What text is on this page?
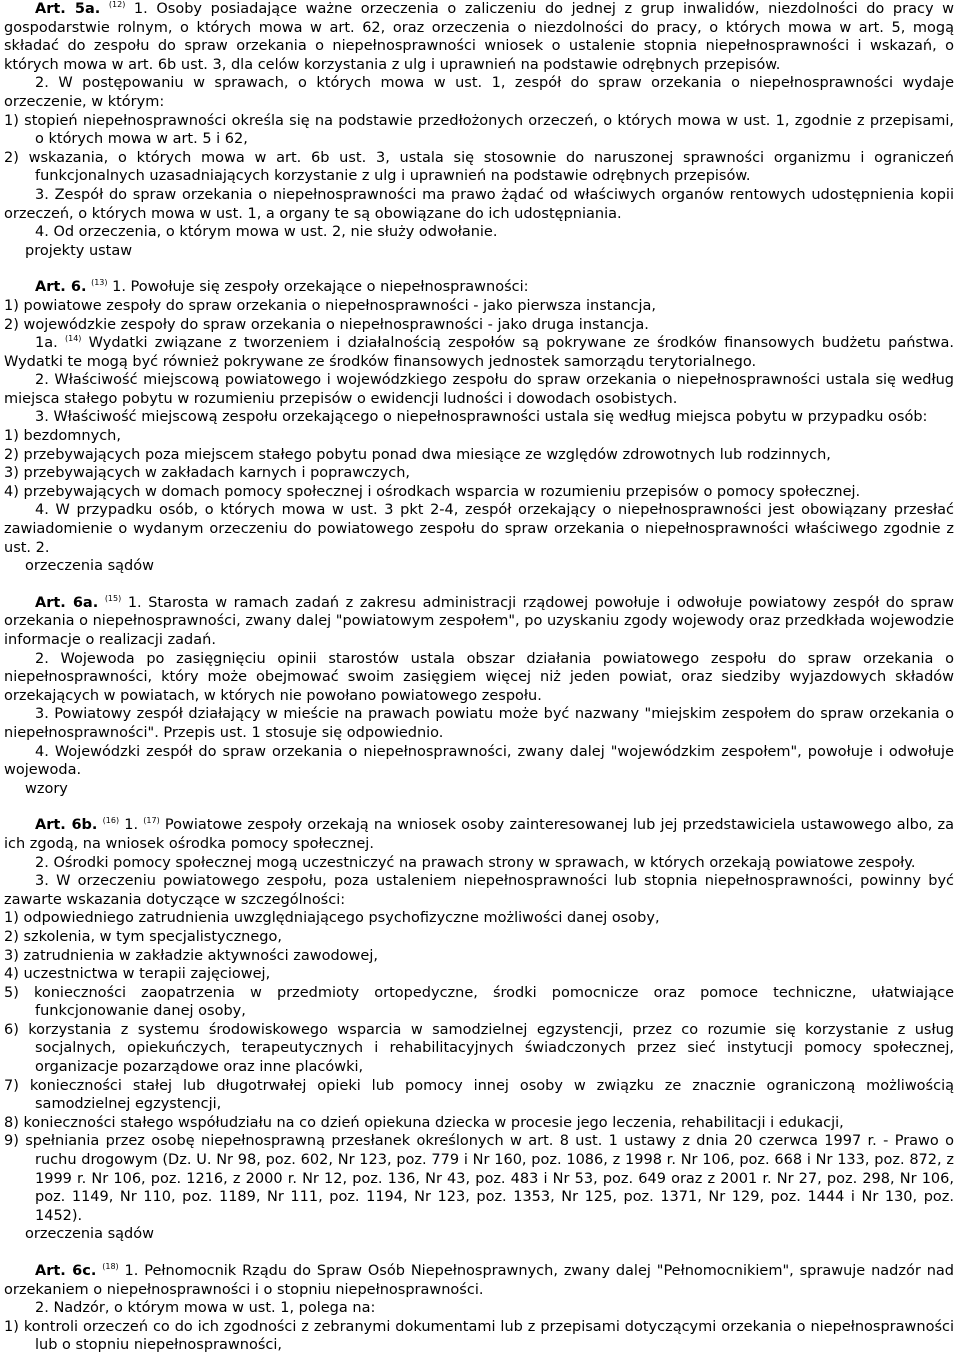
Art. 5a. $^{(12)}$ 1. Osoby posiadające ważne orzeczenia o zaliczeniu do jednej z grup inwalidów, niezdolności do pracy w gospodarstwie rolnym, o których mowa w art. 62, oraz orzeczenia o niezdolności do pracy, o których mowa w art. 5, mogą składać do zespołu do spraw orzekania o niepełnosprawności wniosek o ustalenie stopnia niepełnosprawności i wskazań, o których mowa w art. 6b ust. 3, dla celów korzystania z ulg i uprawnień na podstawie odrębnych przepisów.

2. W postępowaniu w sprawach, o których mowa w ust. 1, zespół do spraw orzekania o niepełnosprawności wydaje orzeczenie, w którym:

1) stopień niepełnosprawności określa się na podstawie przedłożonych orzeczeń, o których mowa w ust. 1, zgodnie z przepisami, o których mowa w art. 5 i 62,

2) wskazania, o których mowa w art. 6b ust. 3, ustala się stosownie do naruszonej sprawności organizmu i ograniczeń funkcjonalnych uzasadniających korzystanie z ulg i uprawnień na podstawie odrębnych przepisów.

3. Zespół do spraw orzekania o niepełnosprawności ma prawo żądać od właściwych organów rentowych udostępnienia kopii orzeczeń, o których mowa w ust. 1, a organy te są obowiązane do ich udostępniania.

4. Od orzeczenia, o którym mowa w ust. 2, nie służy odwołanie.

projekty ustaw

Art. 6. $^{(13)}$ 1. Powołuje się zespoły orzekające o niepełnosprawności:

1) powiatowe zespoły do spraw orzekania o niepełnosprawności - jako pierwsza instancja,

2) wojewódzkie zespoły do spraw orzekania o niepełnosprawności - jako druga instancja.

1a. $^{(14)}$ Wydatki związane z tworzeniem i działalnością zespołów są pokrywane ze środków finansowych budżetu państwa. Wydatki te mogą być również pokrywane ze środków finansowych jednostek samorządu terytorialnego.

2. Właściwość miejscową powiatowego i wojewódzkiego zespołu do spraw orzekania o niepełnosprawności ustala się według miejsca stałego pobytu w rozumieniu przepisów o ewidencji ludności i dowodach osobistych.

3. Właściwość miejscową zespołu orzekającego o niepełnosprawności ustala się według miejsca pobytu w przypadku osób:

1) bezdomnych,

2) przebywających poza miejscem stałego pobytu ponad dwa miesiące ze względów zdrowotnych lub rodzinnych,

3) przebywających w zakładach karnych i poprawczych,

4) przebywających w domach pomocy społecznej i ośrodkach wsparcia w rozumieniu przepisów o pomocy społecznej.

4. W przypadku osób, o których mowa w ust. 3 pkt 2-4, zespół orzekający o niepełnosprawności jest obowiązany przesłać zawiadomienie o wydanym orzeczeniu do powiatowego zespołu do spraw orzekania o niepełnosprawności właściwego zgodnie z ust. 2.

orzeczenia sądów

Art. 6a. $^{(15)}$ 1. Starosta w ramach zadań z zakresu administracji rządowej powołuje i odwołuje powiatowy zespół do spraw orzekania o niepełnosprawności, zwany dalej "powiatowym zespołem", po uzyskaniu zgody wojewody oraz przedkłada wojewodzie informacje o realizacji zadań.

2. Wojewoda po zasięgnięciu opinii starostów ustala obszar działania powiatowego zespołu do spraw orzekania o niepełnosprawności, który może obejmować swoim zasięgiem więcej niż jeden powiat, oraz siedziby wyjazdowych składów orzekających w powiatach, w których nie powołano powiatowego zespołu.

3. Powiatowy zespół działający w mieście na prawach powiatu może być nazwany "miejskim zespołem do spraw orzekania o niepełnosprawności". Przepis ust. 1 stosuje się odpowiednio.

4. Wojewódzki zespół do spraw orzekania o niepełnosprawności, zwany dalej "wojewódzkim zespołem", powołuje i odwołuje wojewoda.

wzory

Art. 6b. $^{(16)}$ 1. $^{(17)}$ Powiatowe zespoły orzekają na wniosek osoby zainteresowanej lub jej przedstawiciela ustawowego albo, za ich zgodą, na wniosek ośrodka pomocy społecznej.

2. Ośrodki pomocy społecznej mogą uczestniczyć na prawach strony w sprawach, w których orzekają powiatowe zespoły.

3. W orzeczeniu powiatowego zespołu, poza ustaleniem niepełnosprawności lub stopnia niepełnosprawności, powinny być zawarte wskazania dotyczące w szczególności:

1) odpowiedniego zatrudnienia uwzględniającego psychofizyczne możliwości danej osoby,

2) szkolenia, w tym specjalistycznego,

3) zatrudnienia w zakładzie aktywności zawodowej,

4) uczestnictwa w terapii zajęciowej,

5) konieczności zaopatrzenia w przedmioty ortopedyczne, środki pomocnicze oraz pomoce techniczne, ułatwiające funkcjonowanie danej osoby,

6) korzystania z systemu środowiskowego wsparcia w samodzielnej egzystencji, przez co rozumie się korzystanie z usług socjalnych, opiekuńczych, terapeutycznych i rehabilitacyjnych świadczonych przez sieć instytucji pomocy społecznej, organizacje pozarządowe oraz inne placówki,

7) konieczności stałej lub długotrwałej opieki lub pomocy innej osoby w związku ze znacznie ograniczoną możliwością samodzielnej egzystencji,

8) konieczności stałego współudziału na co dzień opiekuna dziecka w procesie jego leczenia, rehabilitacji i edukacji,

9) spełniania przez osobę niepełnosprawną przesłanek określonych w art. 8 ust. 1 ustawy z dnia 20 czerwca 1997 r. - Prawo o ruchu drogowym (Dz. U. Nr 98, poz. 602, Nr 123, poz. 779 i Nr 160, poz. 1086, z 1998 r. Nr 106, poz. 668 i Nr 133, poz. 872, z 1999 r. Nr 106, poz. 1216, z 2000 r. Nr 12, poz. 136, Nr 43, poz. 483 i Nr 53, poz. 649 oraz z 2001 r. Nr 27, poz. 298, Nr 106, poz. 1149, Nr 110, poz. 1189, Nr 111, poz. 1194, Nr 123, poz. 1353, Nr 125, poz. 1371, Nr 129, poz. 1444 i Nr 130, poz. 1452).

orzeczenia sądów

Art. 6c. $^{(18)}$ 1. Pełnomocnik Rządu do Spraw Osób Niepełnosprawnych, zwany dalej "Pełnomocnikiem", sprawuje nadzór nad orzekaniem o niepełnosprawności i o stopniu niepełnosprawności.

2. Nadzór, o którym mowa w ust. 1, polega na:

1) kontroli orzeczeń co do ich zgodności z zebranymi dokumentami lub z przepisami dotyczącymi orzekania o niepełnosprawności lub o stopniu niepełnosprawności,
